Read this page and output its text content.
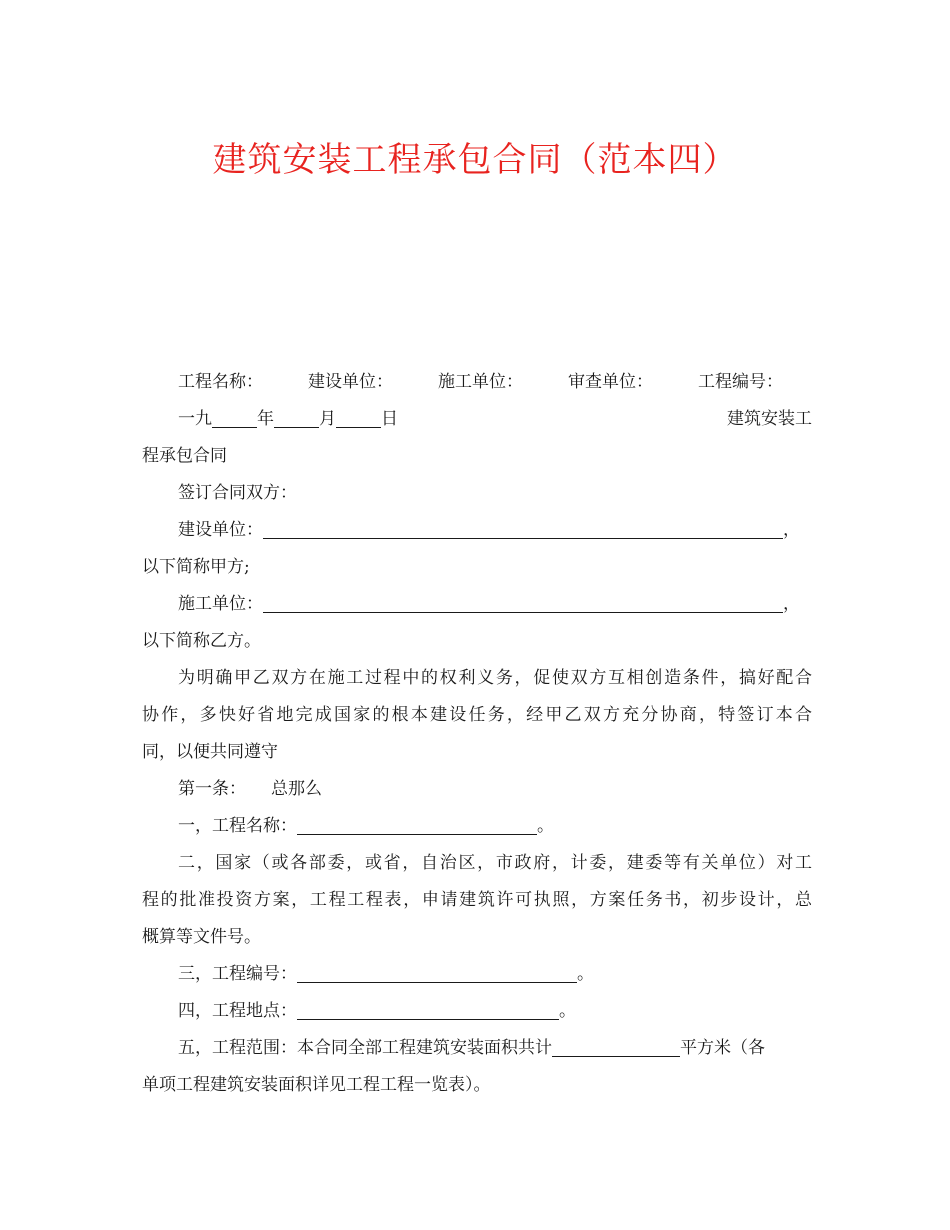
建筑安装工程承包合同（范本四）
工程名称：	建设单位：	施工单位：	审查单位：	工程编号：
一九	年	月	日	建筑安装工
程承包合同
签订合同双方：
建设单位：	，
以下简称甲方;
施工单位：	，
以下简称乙方。
为明确甲乙双方在施工过程中的权利义务，促使双方互相创造条件，搞好配合
协作，多快好省地完成国家的根本建设任务，经甲乙双方充分协商，特签订本合
同，以便共同遵守
第一条： 总那么
一，工程名称：	。
二，国家（或各部委，或省，自治区，市政府，计委，建委等有关单位）对工
程的批准投资方案，工程工程表，申请建筑许可执照，方案任务书，初步设计，总
概算等文件号。
三，工程编号：	。
四，工程地点：	。
五，工程范围：本合同全部工程建筑安装面积共计	平方米（各
单项工程建筑安装面积详见工程工程一览表）。
